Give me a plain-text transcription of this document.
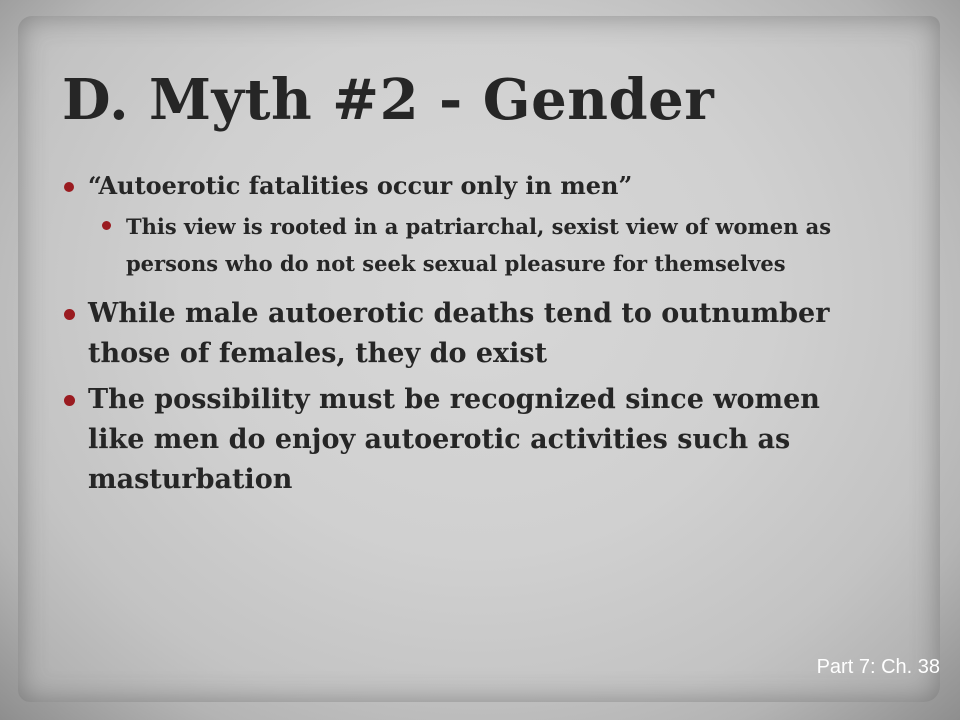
D. Myth #2 - Gender
“Autoerotic fatalities occur only in men”
This view is rooted in a patriarchal, sexist view of women as persons who do not seek sexual pleasure for themselves
While male autoerotic deaths tend to outnumber those of females, they do exist
The possibility must be recognized since women like men do enjoy autoerotic activities such as masturbation
Part 7: Ch. 38
